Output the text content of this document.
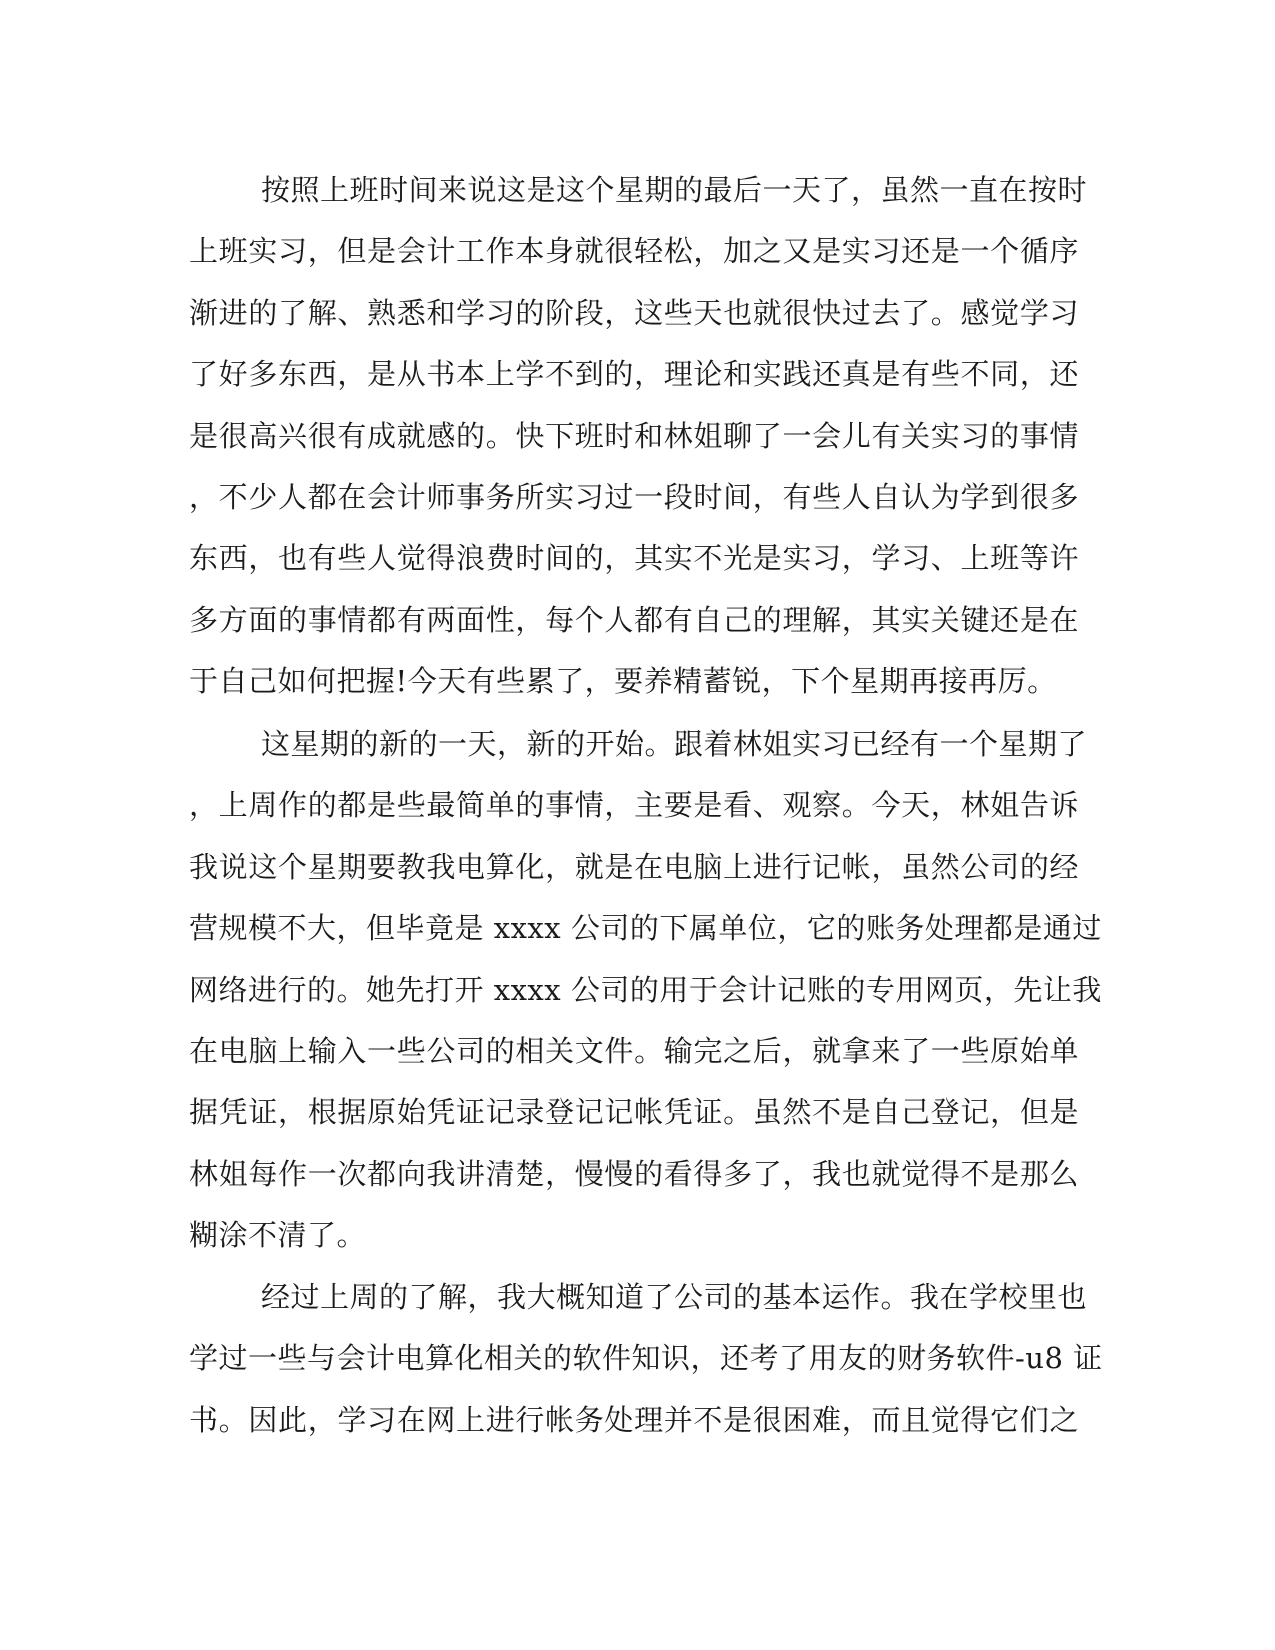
按照上班时间来说这是这个星期的最后一天了，虽然一直在按时
上班实习，但是会计工作本身就很轻松，加之又是实习还是一个循序
渐进的了解、熟悉和学习的阶段，这些天也就很快过去了。感觉学习
了好多东西，是从书本上学不到的，理论和实践还真是有些不同，还
是很高兴很有成就感的。快下班时和林姐聊了一会儿有关实习的事情
，不少人都在会计师事务所实习过一段时间，有些人自认为学到很多
东西，也有些人觉得浪费时间的，其实不光是实习，学习、上班等许
多方面的事情都有两面性，每个人都有自己的理解，其实关键还是在
于自己如何把握!今天有些累了，要养精蓄锐，下个星期再接再厉。
这星期的新的一天，新的开始。跟着林姐实习已经有一个星期了
，上周作的都是些最简单的事情，主要是看、观察。今天，林姐告诉
我说这个星期要教我电算化，就是在电脑上进行记帐，虽然公司的经
营规模不大，但毕竟是 xxxx 公司的下属单位，它的账务处理都是通过
网络进行的。她先打开 xxxx 公司的用于会计记账的专用网页，先让我
在电脑上输入一些公司的相关文件。输完之后，就拿来了一些原始单
据凭证，根据原始凭证记录登记记帐凭证。虽然不是自己登记，但是
林姐每作一次都向我讲清楚，慢慢的看得多了，我也就觉得不是那么
糊涂不清了。
经过上周的了解，我大概知道了公司的基本运作。我在学校里也
学过一些与会计电算化相关的软件知识，还考了用友的财务软件-u8 证
书。因此，学习在网上进行帐务处理并不是很困难，而且觉得它们之
